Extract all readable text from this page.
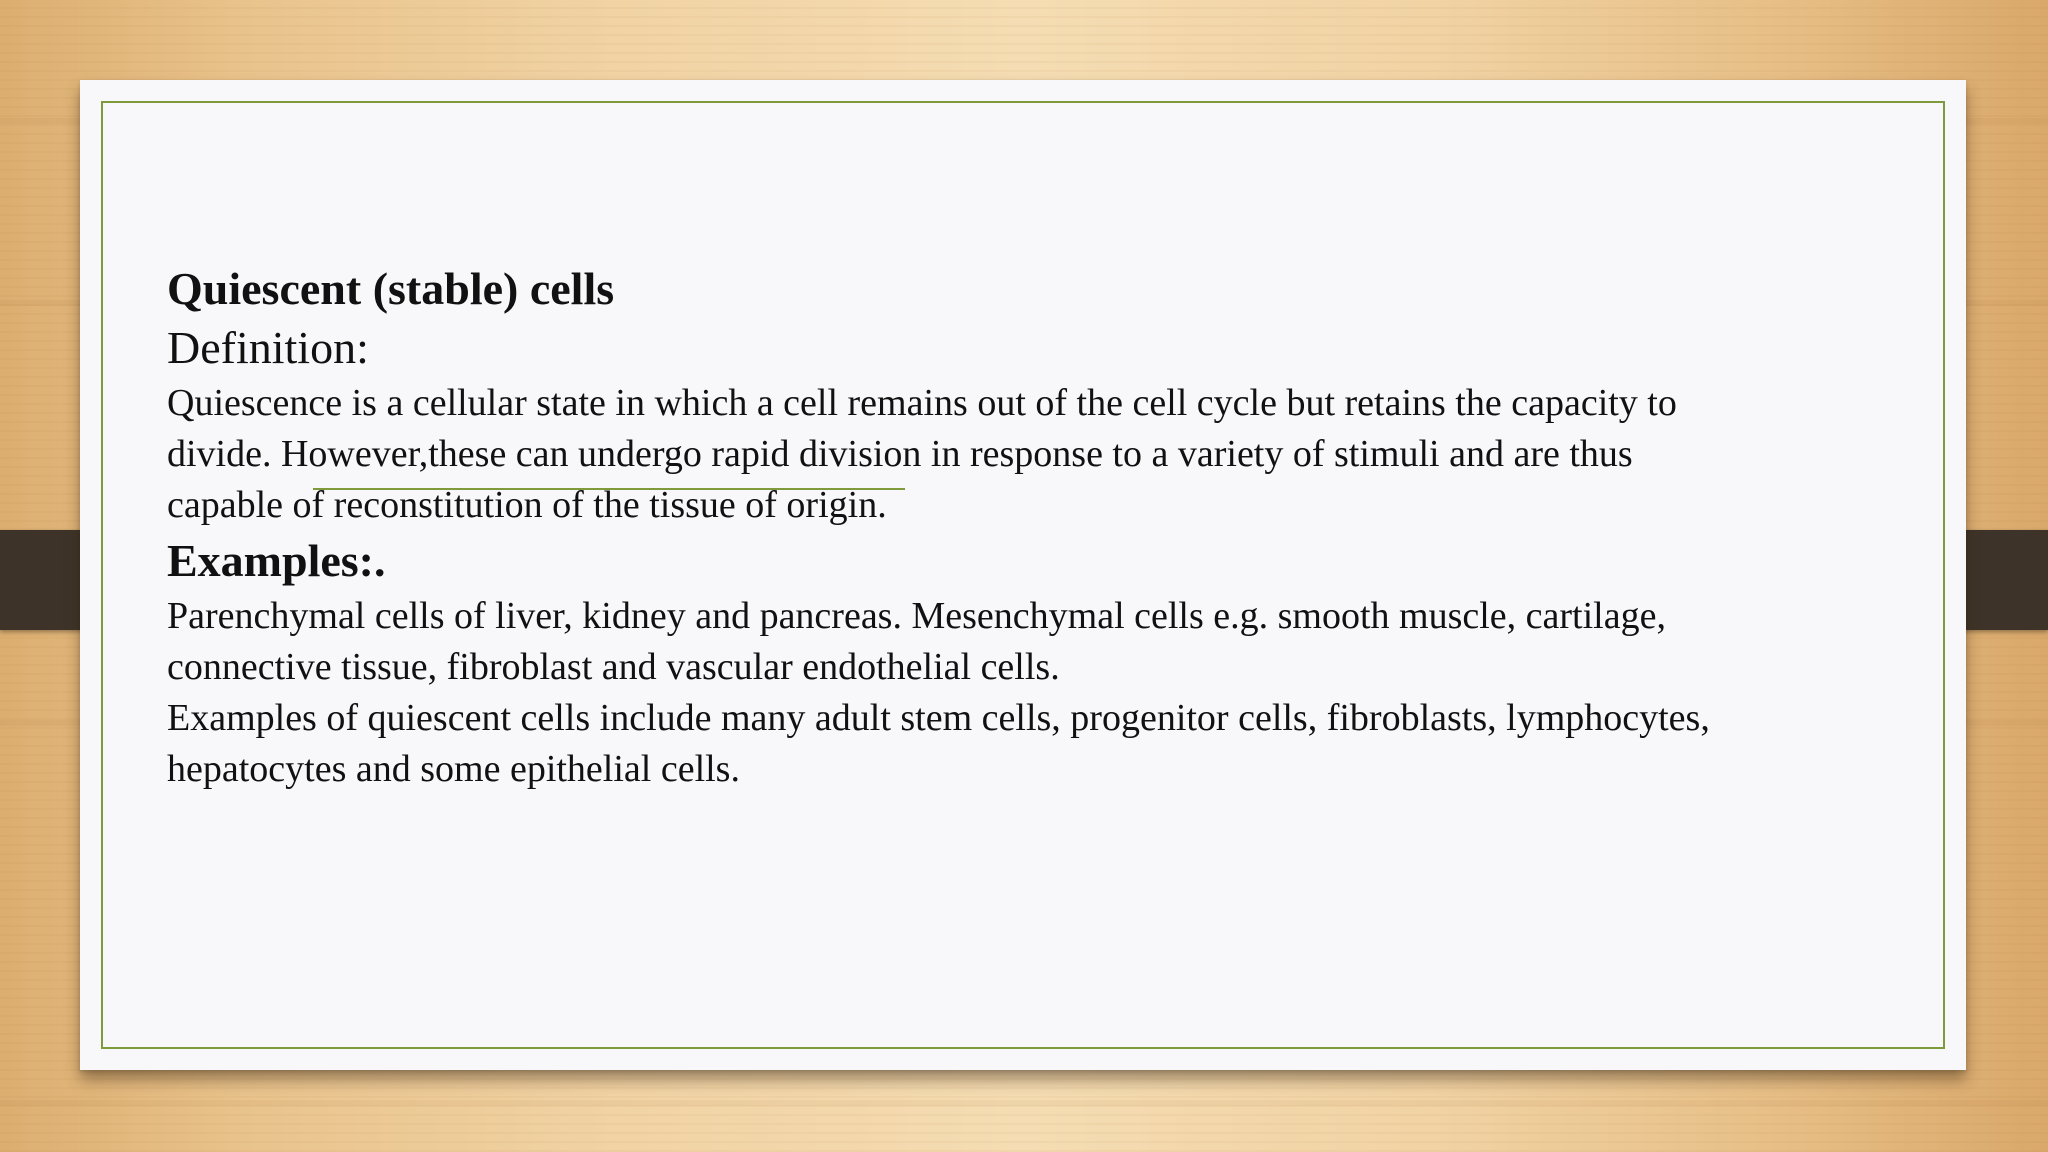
Quiescent (stable) cells

Definition:

Quiescence is a cellular state in which a cell remains out of the cell cycle but retains the capacity to divide. However,these can undergo rapid division in response to a variety of stimuli and are thus capable of reconstitution of the tissue of origin.

Examples:.

Parenchymal cells of liver, kidney and pancreas. Mesenchymal cells e.g. smooth muscle, cartilage, connective tissue, fibroblast and vascular endothelial cells.

Examples of quiescent cells include many adult stem cells, progenitor cells, fibroblasts, lymphocytes, hepatocytes and some epithelial cells.
